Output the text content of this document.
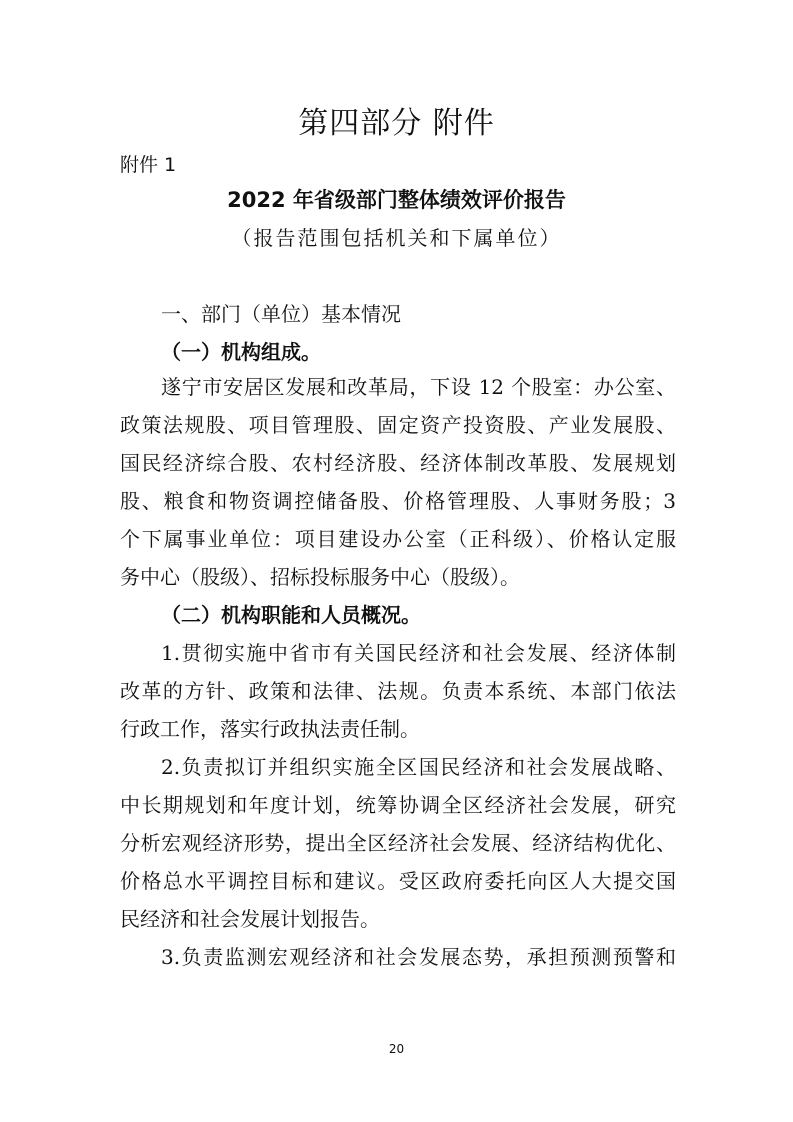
第四部分 附件
附件 1
2022 年省级部门整体绩效评价报告
（报告范围包括机关和下属单位）
一、部门（单位）基本情况
（一）机构组成。
遂宁市安居区发展和改革局，下设 12 个股室：办公室、
政策法规股、项目管理股、固定资产投资股、产业发展股、
国民经济综合股、农村经济股、经济体制改革股、发展规划
股、粮食和物资调控储备股、价格管理股、人事财务股；3
个下属事业单位：项目建设办公室（正科级）、价格认定服
务中心（股级）、招标投标服务中心（股级）。
（二）机构职能和人员概况。
1.贯彻实施中省市有关国民经济和社会发展、经济体制
改革的方针、政策和法律、法规。负责本系统、本部门依法
行政工作，落实行政执法责任制。
2.负责拟订并组织实施全区国民经济和社会发展战略、
中长期规划和年度计划，统筹协调全区经济社会发展，研究
分析宏观经济形势，提出全区经济社会发展、经济结构优化、
价格总水平调控目标和建议。受区政府委托向区人大提交国
民经济和社会发展计划报告。
3.负责监测宏观经济和社会发展态势，承担预测预警和
20
